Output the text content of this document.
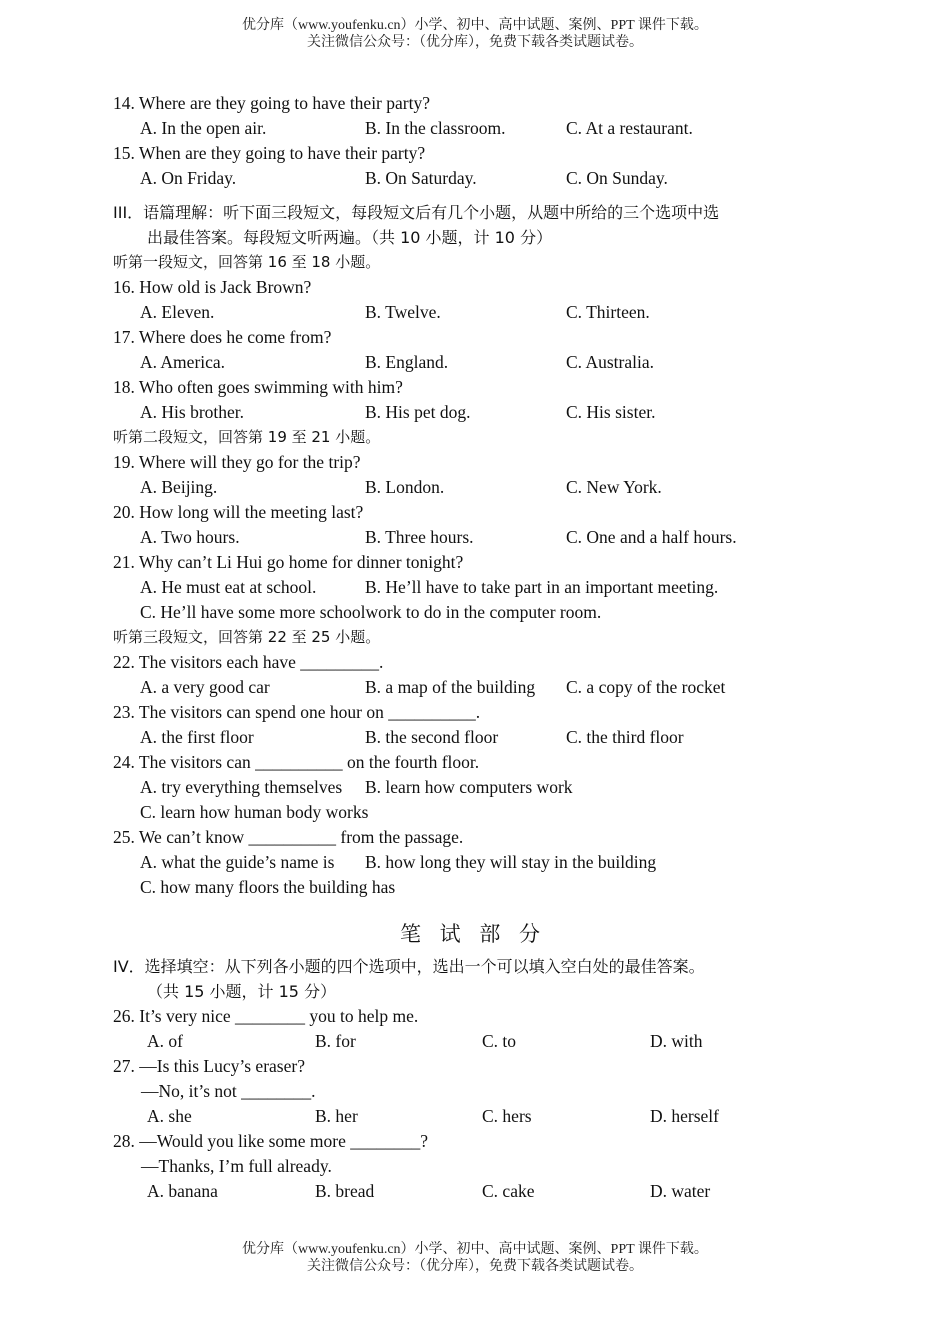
优分库（www.youfenku.cn）小学、初中、高中试题、案例、PPT 课件下载。
关注微信公众号：（优分库），免费下载各类试题试卷。
14. Where are they going to have their party?
A. In the open air.	B. In the classroom.	C. At a restaurant.
15. When are they going to have their party?
A. On Friday.	B. On Saturday.	C. On Sunday.
III．语篇理解：听下面三段短文，每段短文后有几个小题，从题中所给的三个选项中选
出最佳答案。每段短文听两遍。（共 10 小题，计 10 分）
听第一段短文，回答第 16 至 18 小题。
16. How old is Jack Brown?
A. Eleven.	B. Twelve.	C. Thirteen.
17. Where does he come from?
A. America.	B. England.	C. Australia.
18. Who often goes swimming with him?
A. His brother.	B. His pet dog.	C. His sister.
听第二段短文，回答第 19 至 21 小题。
19. Where will they go for the trip?
A. Beijing.	B. London.	C. New York.
20. How long will the meeting last?
A. Two hours.	B. Three hours.	C. One and a half hours.
21. Why can’t Li Hui go home for dinner tonight?
A. He must eat at school.	B. He’ll have to take part in an important meeting.
C. He’ll have some more schoolwork to do in the computer room.
听第三段短文，回答第 22 至 25 小题。
22. The visitors each have _________.
A. a very good car	B. a map of the building C. a copy of the rocket
23. The visitors can spend one hour on __________.
A. the first floor	B. the second floor	C. the third floor
24. The visitors can __________ on the fourth floor.
A. try everything themselves B. learn how computers work
C. learn how human body works
25. We can’t know __________ from the passage.
A. what the guide’s name is B. how long they will stay in the building
C. how many floors the building has
笔 试 部 分
IV．选择填空：从下列各小题的四个选项中，选出一个可以填入空白处的最佳答案。
（共 15 小题，计 15 分）
26. It’s very nice ________ you to help me.
A. of	B. for	C. to	D. with
27. —Is this Lucy’s eraser?
—No, it’s not ________.
A. she	B. her	C. hers	D. herself
28. —Would you like some more ________?
—Thanks, I’m full already.
A. banana	B. bread	C. cake	D. water
优分库（www.youfenku.cn）小学、初中、高中试题、案例、PPT 课件下载。
关注微信公众号：（优分库），免费下载各类试题试卷。
